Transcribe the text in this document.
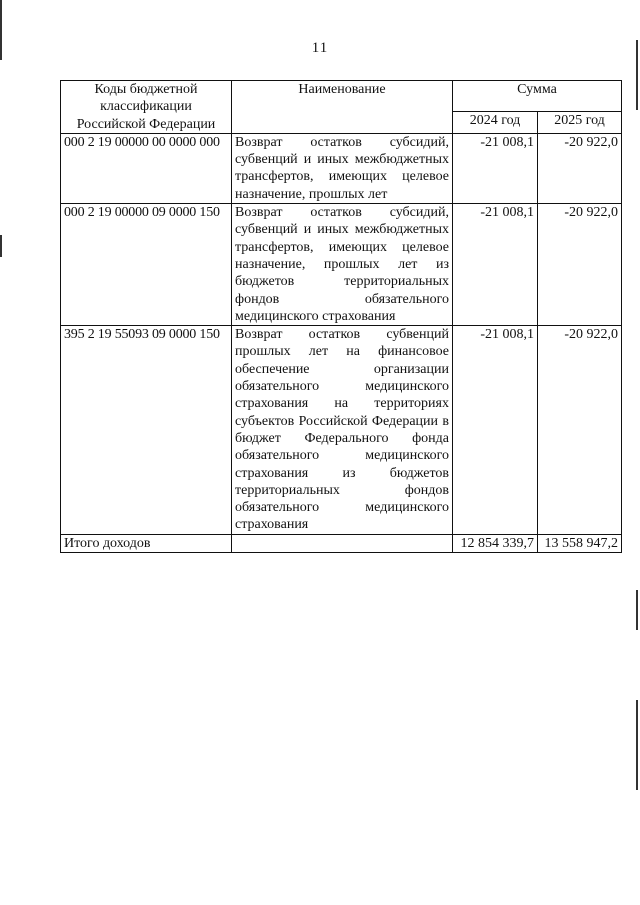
11
Коды бюджетной классификации Российской Федерации	Наименование	Сумма	
		2024 год	2025 год
000 2 19 00000 00 0000 000	Возврат остатков субсидий, субвенций и иных межбюджетных трансфертов, имеющих целевое назначение, прошлых лет	-21 008,1	-20 922,0
000 2 19 00000 09 0000 150	Возврат остатков субсидий, субвенций и иных межбюджетных трансфертов, имеющих целевое назначение, прошлых лет из бюджетов территориальных фондов обязательного медицинского страхования	-21 008,1	-20 922,0
395 2 19 55093 09 0000 150	Возврат остатков субвенций прошлых лет на финансовое обеспечение организации обязательного медицинского страхования на территориях субъектов Российской Федерации в бюджет Федерального фонда обязательного медицинского страхования из бюджетов территориальных фондов обязательного медицинского страхования	-21 008,1	-20 922,0
Итого доходов		12 854 339,7	13 558 947,2
